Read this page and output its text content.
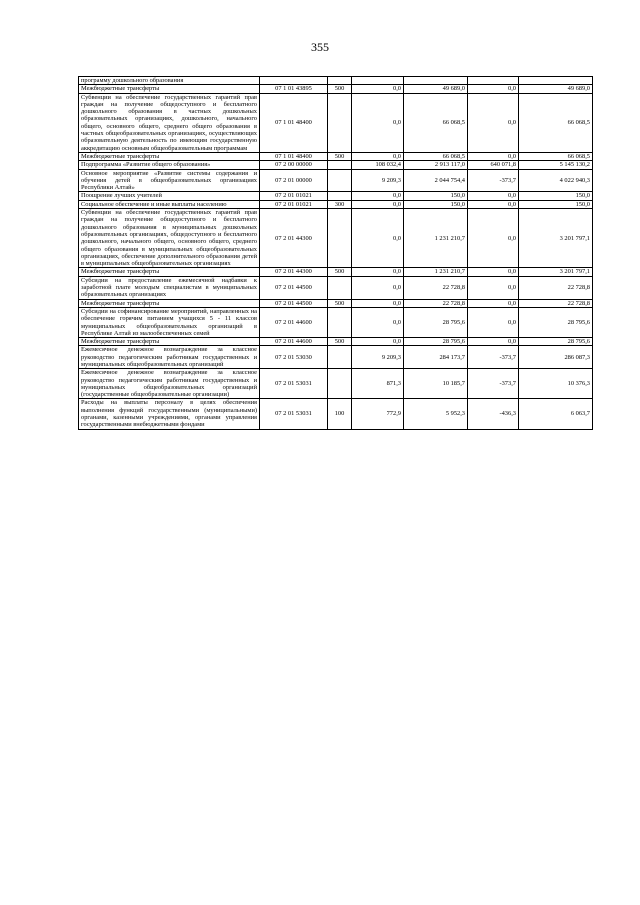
355
программу дошкольного образования						
Межбюджетные трансферты	07 1 01 43895	500	0,0	49 689,0	0,0	49 689,0
Субвенции на обеспечение государственных гарантий прав граждан на получение общедоступного и бесплатного дошкольного образования в частных дошкольных образовательных организациях, дошкольного, начального общего, основного общего, среднего общего образования в частных общеобразовательных организациях, осуществляющих образовательную деятельность по имеющим государственную аккредитацию основным общеобразовательным программам	07 1 01 48400		0,0	66 068,5	0,0	66 068,5
Межбюджетные трансферты	07 1 01 48400	500	0,0	66 068,5	0,0	66 068,5
Подпрограмма «Развитие общего образования»	07 2 00 00000		108 032,4	2 913 117,0	640 071,8	5 145 130,2
Основное мероприятие «Развитие системы содержания и обучения детей в общеобразовательных организациях Республики Алтай»	07 2 01 00000		9 209,3	2 044 754,4	-373,7	4 022 940,3
Поощрение лучших учителей	07 2 01 01021		0,0	150,0	0,0	150,0
Социальное обеспечение и иные выплаты населению	07 2 01 01021	300	0,0	150,0	0,0	150,0
Субвенции на обеспечение государственных гарантий прав граждан на получение общедоступного и бесплатного дошкольного образования в муниципальных дошкольных образовательных организациях, общедоступного и бесплатного дошкольного, начального общего, основного общего, среднего общего образования в муниципальных общеобразовательных организациях, обеспечение дополнительного образования детей в муниципальных общеобразовательных организациях	07 2 01 44300		0,0	1 231 210,7	0,0	3 201 797,1
Межбюджетные трансферты	07 2 01 44300	500	0,0	1 231 210,7	0,0	3 201 797,1
Субсидии на предоставление ежемесячной надбавки к заработной плате молодым специалистам в муниципальных образовательных организациях	07 2 01 44500		0,0	22 728,8	0,0	22 728,8
Межбюджетные трансферты	07 2 01 44500	500	0,0	22 728,8	0,0	22 728,8
Субсидии на софинансирование мероприятий, направленных на обеспечение горячим питанием учащихся 5 - 11 классов муниципальных общеобразовательных организаций в Республике Алтай из малообеспеченных семей	07 2 01 44600		0,0	28 795,6	0,0	28 795,6
Межбюджетные трансферты	07 2 01 44600	500	0,0	28 795,6	0,0	28 795,6
Ежемесячное денежное вознаграждение за классное руководство педагогическим работникам государственных и муниципальных общеобразовательных организаций	07 2 01 53030		9 209,3	284 173,7	-373,7	286 087,3
Ежемесячное денежное вознаграждение за классное руководство педагогическим работникам государственных и муниципальных общеобразовательных организаций (государственные общеобразовательные организации)	07 2 01 53031		871,3	10 185,7	-373,7	10 376,3
Расходы на выплаты персоналу в целях обеспечения выполнения функций государственными (муниципальными) органами, казенными учреждениями, органами управления государственными внебюджетными фондами	07 2 01 53031	100	772,9	5 952,3	-436,3	6 063,7
